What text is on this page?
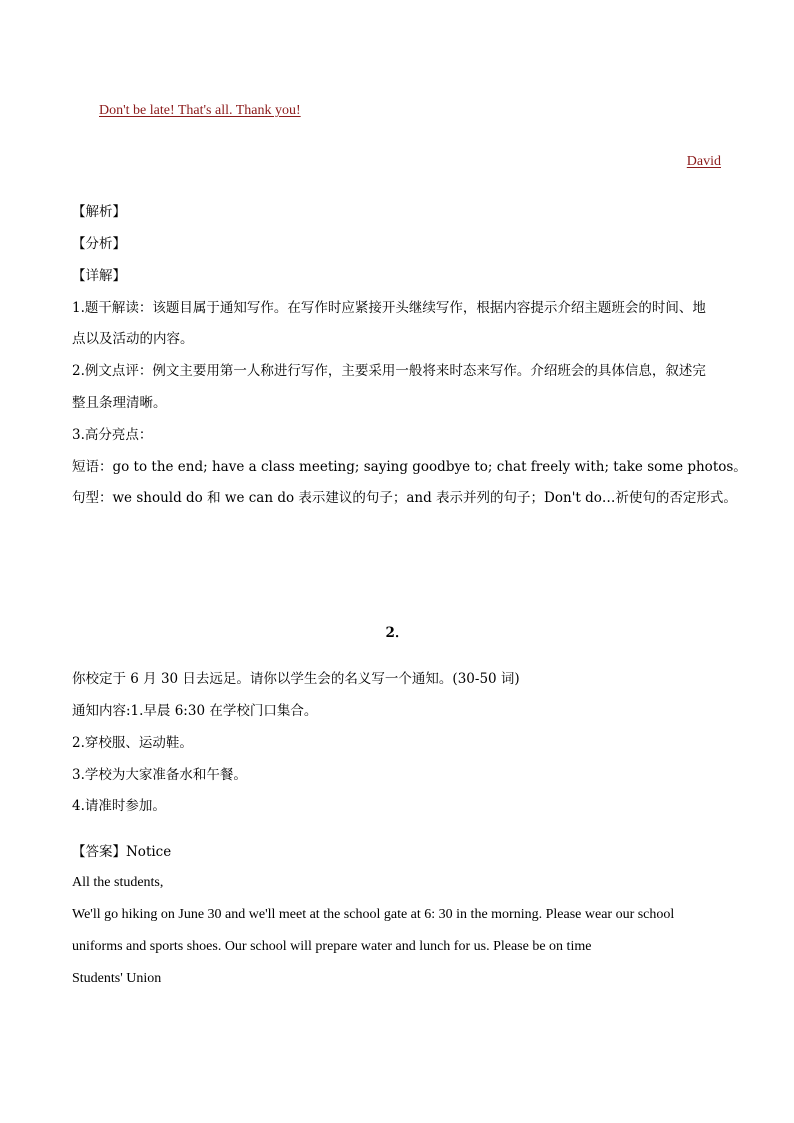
Don't be late! That's all. Thank you!
David
【解析】
【分析】
【详解】
1.题干解读：该题目属于通知写作。在写作时应紧接开头继续写作，根据内容提示介绍主题班会的时间、地
点以及活动的内容。
2.例文点评：例文主要用第一人称进行写作，主要采用一般将来时态来写作。介绍班会的具体信息，叙述完
整且条理清晰。
3.高分亮点：
短语：go to the end; have a class meeting; saying goodbye to; chat freely with; take some photos。
句型：we should do 和 we can do 表示建议的句子；and 表示并列的句子；Don't do…祈使句的否定形式。
2．
你校定于 6 月 30 日去远足。请你以学生会的名义写一个通知。(30-50 词)
通知内容:1.早晨 6:30 在学校门口集合。
2.穿校服、运动鞋。
3.学校为大家准备水和午餐。
4.请准时参加。
【答案】Notice
All the students,
We'll go hiking on June 30 and we'll meet at the school gate at 6: 30 in the morning. Please wear our school
uniforms and sports shoes. Our school will prepare water and lunch for us. Please be on time
Students' Union
